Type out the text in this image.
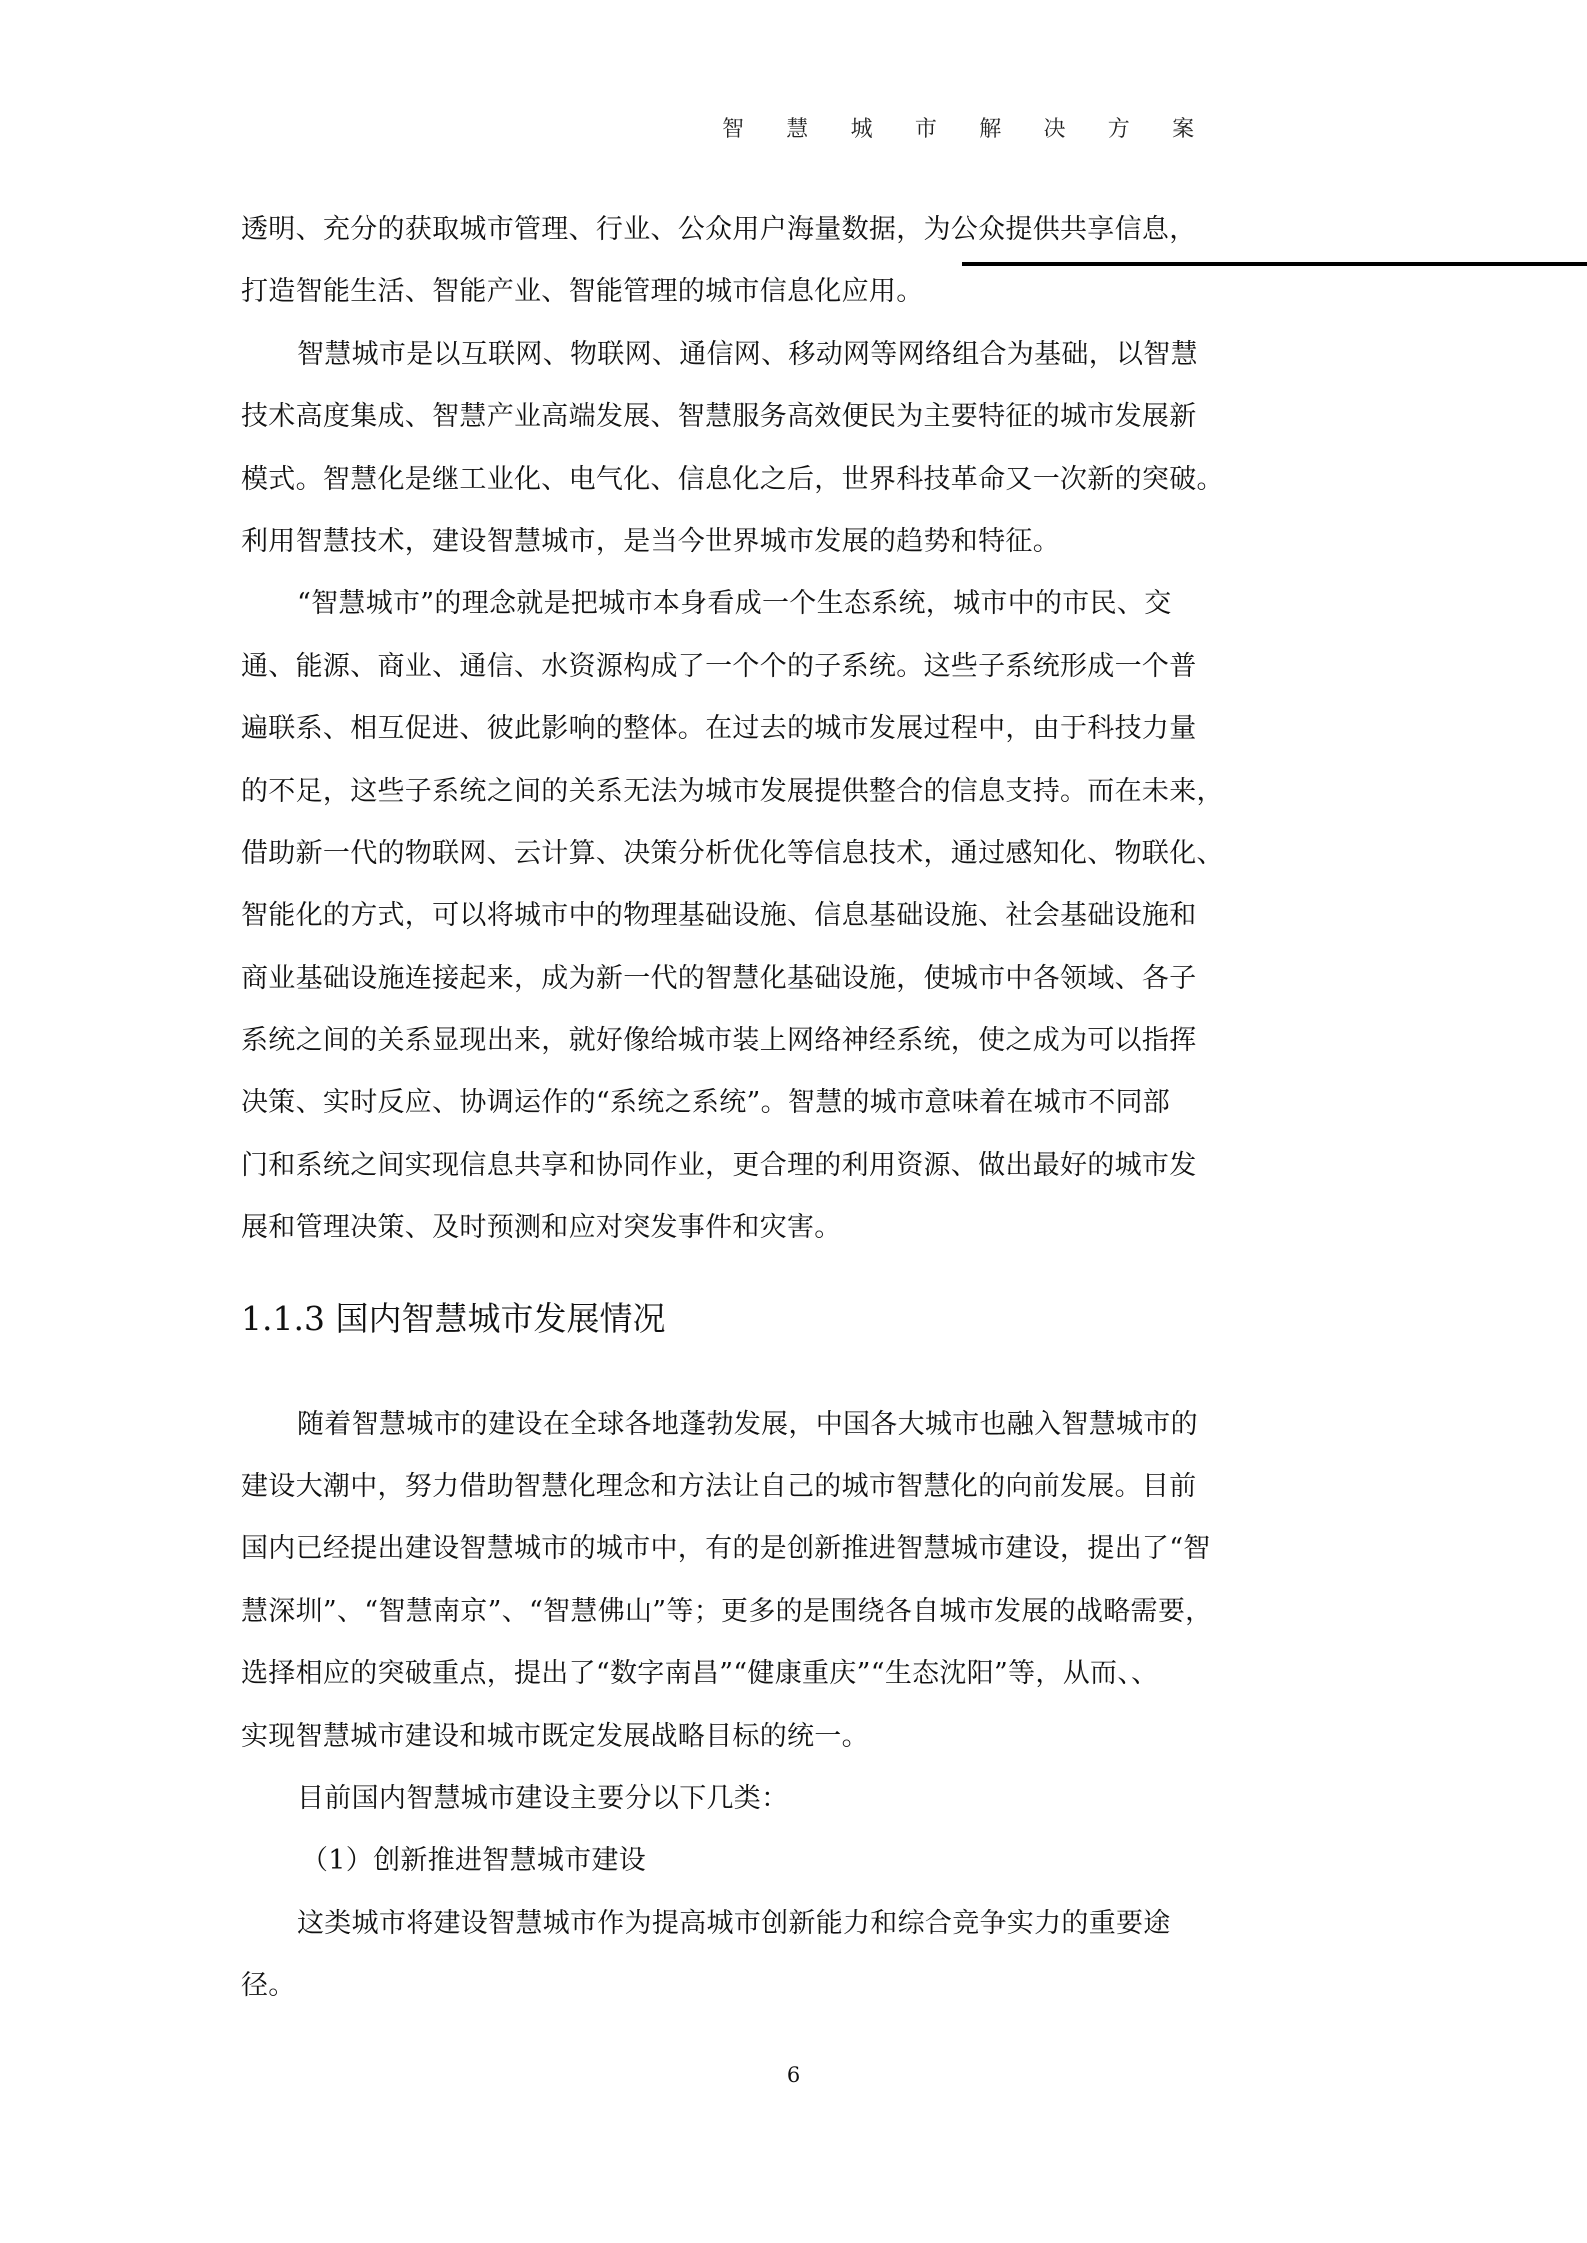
智	慧	城	市	解	决	方	案
透明、充分的获取城市管理、行业、公众用户海量数据，为公众提供共享信息，
打造智能生活、智能产业、智能管理的城市信息化应用。
智慧城市是以互联网、物联网、通信网、移动网等网络组合为基础，以智慧
技术高度集成、智慧产业高端发展、智慧服务高效便民为主要特征的城市发展新
模式。智慧化是继工业化、电气化、信息化之后，世界科技革命又一次新的突破。
利用智慧技术，建设智慧城市，是当今世界城市发展的趋势和特征。
“智慧城市”的理念就是把城市本身看成一个生态系统，城市中的市民、交
通、能源、商业、通信、水资源构成了一个个的子系统。这些子系统形成一个普
遍联系、相互促进、彼此影响的整体。在过去的城市发展过程中，由于科技力量
的不足，这些子系统之间的关系无法为城市发展提供整合的信息支持。而在未来，
借助新一代的物联网、云计算、决策分析优化等信息技术，通过感知化、物联化、
智能化的方式，可以将城市中的物理基础设施、信息基础设施、社会基础设施和
商业基础设施连接起来，成为新一代的智慧化基础设施，使城市中各领域、各子
系统之间的关系显现出来，就好像给城市装上网络神经系统，使之成为可以指挥
决策、实时反应、协调运作的“系统之系统”。智慧的城市意味着在城市不同部
门和系统之间实现信息共享和协同作业，更合理的利用资源、做出最好的城市发
展和管理决策、及时预测和应对突发事件和灾害。
1.1.3 国内智慧城市发展情况
随着智慧城市的建设在全球各地蓬勃发展，中国各大城市也融入智慧城市的
建设大潮中，努力借助智慧化理念和方法让自己的城市智慧化的向前发展。目前
国内已经提出建设智慧城市的城市中，有的是创新推进智慧城市建设，提出了“智
慧深圳”、“智慧南京”、“智慧佛山”等；更多的是围绕各自城市发展的战略需要，
选择相应的突破重点，提出了“数字南昌”“健康重庆”“生态沈阳”等，从而、、
实现智慧城市建设和城市既定发展战略目标的统一。
目前国内智慧城市建设主要分以下几类：
（1）创新推进智慧城市建设
这类城市将建设智慧城市作为提高城市创新能力和综合竞争实力的重要途
径。
6
